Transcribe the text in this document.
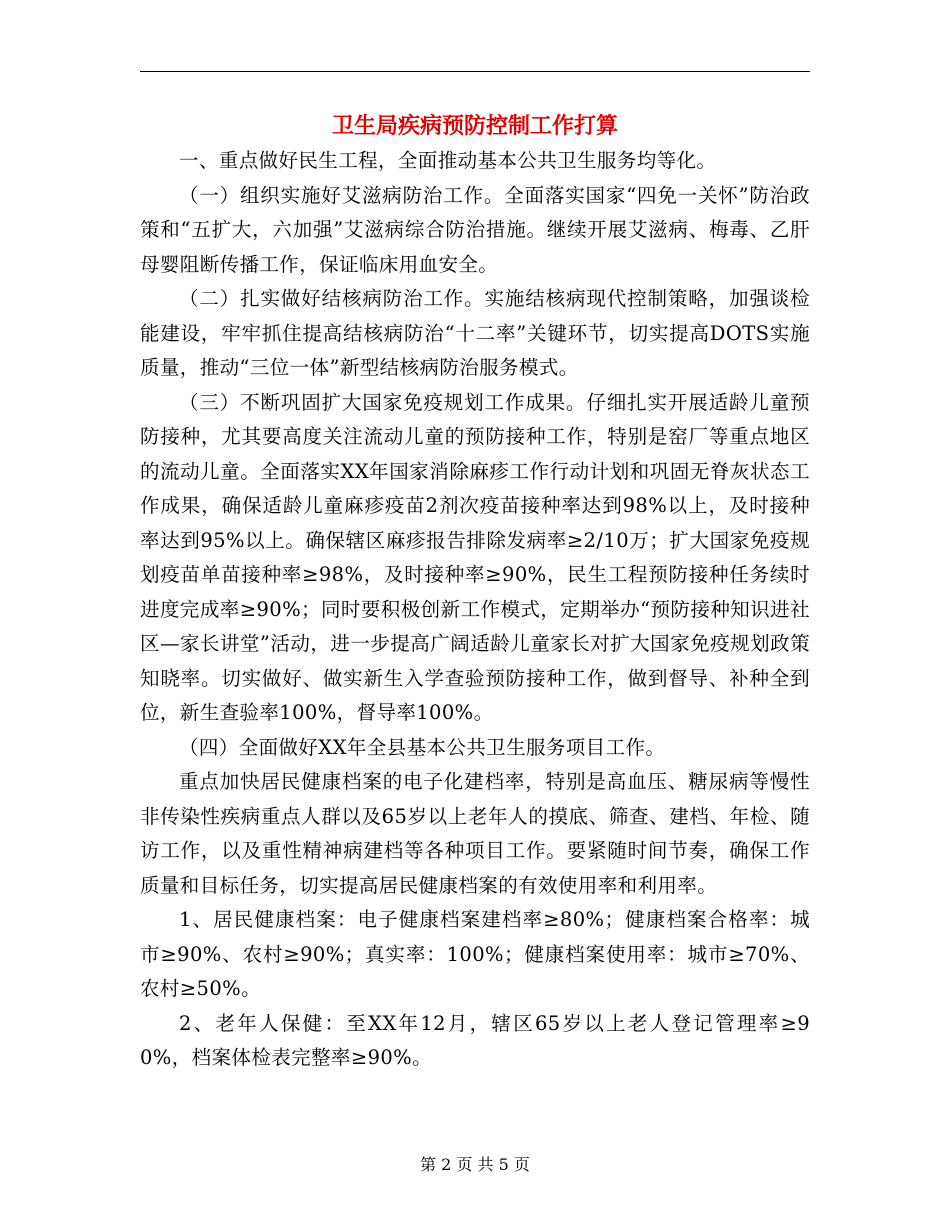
卫生局疾病预防控制工作打算

一、重点做好民生工程，全面推动基本公共卫生服务均等化。

（一）组织实施好艾滋病防治工作。全面落实国家“四免一关怀”防治政策和“五扩大，六加强”艾滋病综合防治措施。继续开展艾滋病、梅毒、乙肝母婴阻断传播工作，保证临床用血安全。

（二）扎实做好结核病防治工作。实施结核病现代控制策略，加强谈检能建设，牢牢抓住提高结核病防治“十二率”关键环节，切实提高DOTS实施质量，推动“三位一体”新型结核病防治服务模式。

（三）不断巩固扩大国家免疫规划工作成果。仔细扎实开展适龄儿童预防接种，尤其要高度关注流动儿童的预防接种工作，特别是窑厂等重点地区的流动儿童。全面落实XX年国家消除麻疹工作行动计划和巩固无脊灰状态工作成果，确保适龄儿童麻疹疫苗2剂次疫苗接种率达到98%以上，及时接种率达到95%以上。确保辖区麻疹报告排除发病率≥2/10万；扩大国家免疫规划疫苗单苗接种率≥98%，及时接种率≥90%，民生工程预防接种任务续时进度完成率≥90%；同时要积极创新工作模式，定期举办“预防接种知识进社区—家长讲堂”活动，进一步提高广阔适龄儿童家长对扩大国家免疫规划政策知晓率。切实做好、做实新生入学查验预防接种工作，做到督导、补种全到位，新生查验率100%，督导率100%。

（四）全面做好XX年全县基本公共卫生服务项目工作。

重点加快居民健康档案的电子化建档率，特别是高血压、糖尿病等慢性非传染性疾病重点人群以及65岁以上老年人的摸底、筛查、建档、年检、随访工作，以及重性精神病建档等各种项目工作。要紧随时间节奏，确保工作质量和目标任务，切实提高居民健康档案的有效使用率和利用率。

1、居民健康档案：电子健康档案建档率≥80%；健康档案合格率：城市≥90%、农村≥90%；真实率：100%；健康档案使用率：城市≥70%、农村≥50%。

2、老年人保健：至XX年12月，辖区65岁以上老人登记管理率≥90%，档案体检表完整率≥90%。

第 2 页 共 5 页
